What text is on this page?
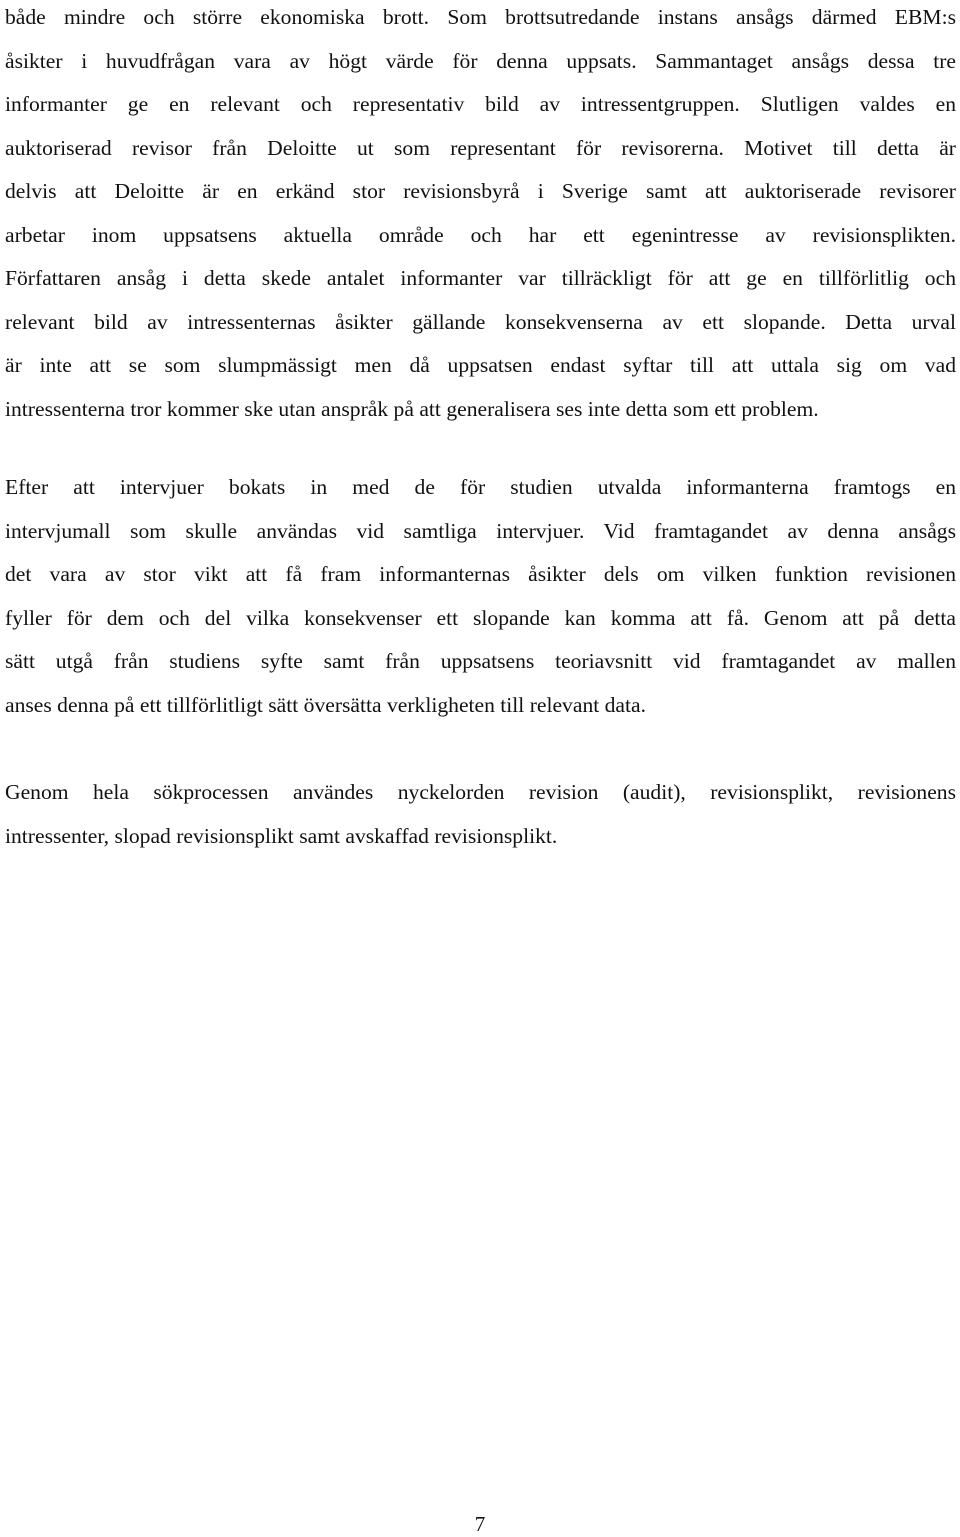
både mindre och större ekonomiska brott. Som brottsutredande instans ansågs därmed EBM:s
åsikter i huvudfrågan vara av högt värde för denna uppsats. Sammantaget ansågs dessa tre
informanter ge en relevant och representativ bild av intressentgruppen. Slutligen valdes en
auktoriserad revisor från Deloitte ut som representant för revisorerna. Motivet till detta är
delvis att Deloitte är en erkänd stor revisionsbyrå i Sverige samt att auktoriserade revisorer
arbetar inom uppsatsens aktuella område och har ett egenintresse av revisionsplikten.
Författaren ansåg i detta skede antalet informanter var tillräckligt för att ge en tillförlitlig och
relevant bild av intressenternas åsikter gällande konsekvenserna av ett slopande. Detta urval
är inte att se som slumpmässigt men då uppsatsen endast syftar till att uttala sig om vad
intressenterna tror kommer ske utan anspråk på att generalisera ses inte detta som ett problem.
Efter att intervjuer bokats in med de för studien utvalda informanterna framtogs en
intervjumall som skulle användas vid samtliga intervjuer. Vid framtagandet av denna ansågs
det vara av stor vikt att få fram informanternas åsikter dels om vilken funktion revisionen
fyller för dem och del vilka konsekvenser ett slopande kan komma att få. Genom att på detta
sätt utgå från studiens syfte samt från uppsatsens teoriavsnitt vid framtagandet av mallen
anses denna på ett tillförlitligt sätt översätta verkligheten till relevant data.
Genom hela sökprocessen användes nyckelorden revision (audit), revisionsplikt, revisionens
intressenter, slopad revisionsplikt samt avskaffad revisionsplikt.
7
